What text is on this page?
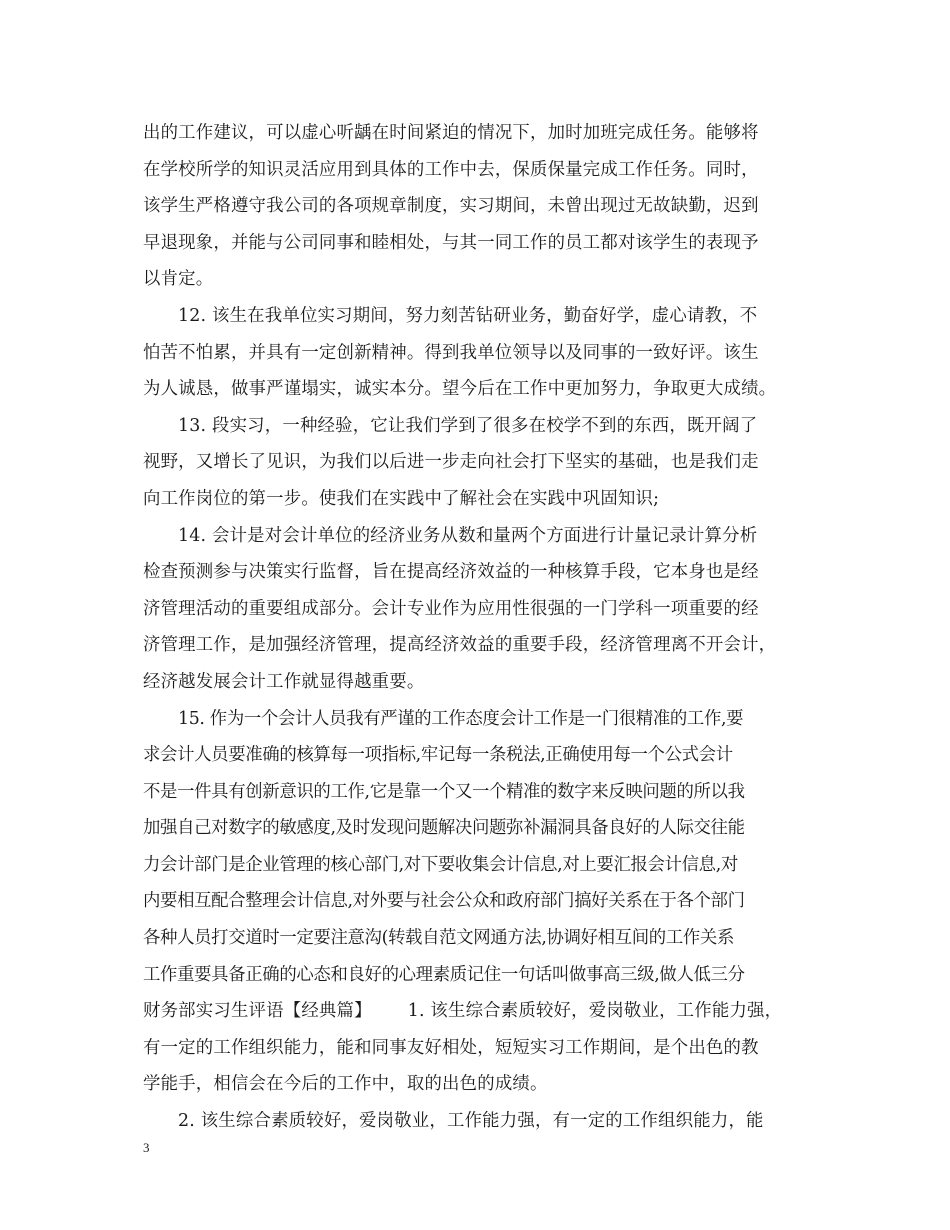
出的工作建议，可以虚心听龋在时间紧迫的情况下，加时加班完成任务。能够将
在学校所学的知识灵活应用到具体的工作中去，保质保量完成工作任务。同时，
该学生严格遵守我公司的各项规章制度，实习期间，未曾出现过无故缺勤，迟到
早退现象，并能与公司同事和睦相处，与其一同工作的员工都对该学生的表现予
以肯定。
12. 该生在我单位实习期间，努力刻苦钻研业务，勤奋好学，虚心请教，不
怕苦不怕累，并具有一定创新精神。得到我单位领导以及同事的一致好评。该生
为人诚恳，做事严谨塌实，诚实本分。望今后在工作中更加努力，争取更大成绩。
13. 段实习，一种经验，它让我们学到了很多在校学不到的东西，既开阔了
视野，又增长了见识，为我们以后进一步走向社会打下坚实的基础，也是我们走
向工作岗位的第一步。使我们在实践中了解社会在实践中巩固知识;
14. 会计是对会计单位的经济业务从数和量两个方面进行计量记录计算分析
检查预测参与决策实行监督，旨在提高经济效益的一种核算手段，它本身也是经
济管理活动的重要组成部分。会计专业作为应用性很强的一门学科一项重要的经
济管理工作，是加强经济管理，提高经济效益的重要手段，经济管理离不开会计，
经济越发展会计工作就显得越重要。
15. 作为一个会计人员我有严谨的工作态度会计工作是一门很精准的工作,要
求会计人员要准确的核算每一项指标,牢记每一条税法,正确使用每一个公式会计
不是一件具有创新意识的工作,它是靠一个又一个精准的数字来反映问题的所以我
加强自己对数字的敏感度,及时发现问题解决问题弥补漏洞具备良好的人际交往能
力会计部门是企业管理的核心部门,对下要收集会计信息,对上要汇报会计信息,对
内要相互配合整理会计信息,对外要与社会公众和政府部门搞好关系在于各个部门
各种人员打交道时一定要注意沟(转载自范文网通方法,协调好相互间的工作关系
工作重要具备正确的心态和良好的心理素质记住一句话叫做事高三级,做人低三分
财务部实习生评语【经典篇】 1. 该生综合素质较好，爱岗敬业，工作能力强，
有一定的工作组织能力，能和同事友好相处，短短实习工作期间，是个出色的教
学能手，相信会在今后的工作中，取的出色的成绩。
2. 该生综合素质较好，爱岗敬业，工作能力强，有一定的工作组织能力，能
3
